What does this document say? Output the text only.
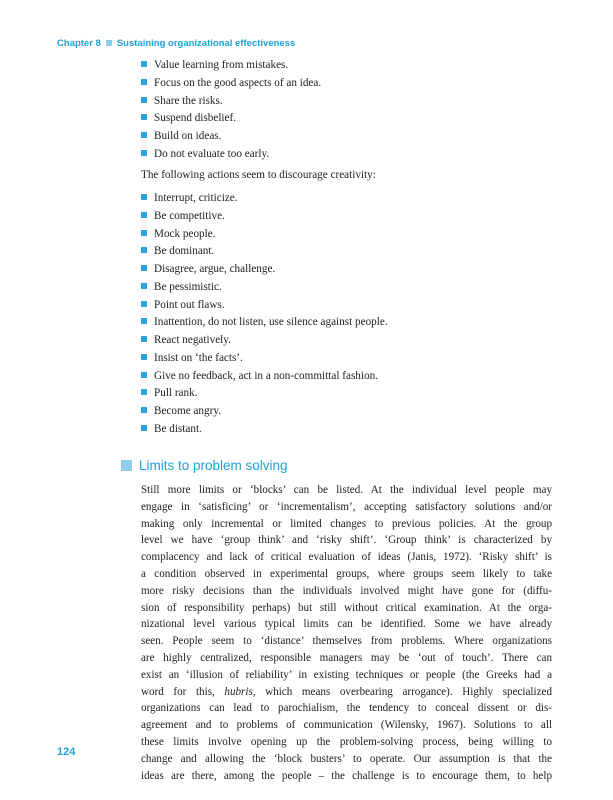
Chapter 8 Sustaining organizational effectiveness
Value learning from mistakes.
Focus on the good aspects of an idea.
Share the risks.
Suspend disbelief.
Build on ideas.
Do not evaluate too early.
The following actions seem to discourage creativity:
Interrupt, criticize.
Be competitive.
Mock people.
Be dominant.
Disagree, argue, challenge.
Be pessimistic.
Point out flaws.
Inattention, do not listen, use silence against people.
React negatively.
Insist on ‘the facts’.
Give no feedback, act in a non-committal fashion.
Pull rank.
Become angry.
Be distant.
Limits to problem solving
Still more limits or ‘blocks’ can be listed. At the individual level people may
engage in ‘satisficing’ or ‘incrementalism’, accepting satisfactory solutions and/or
making only incremental or limited changes to previous policies. At the group
level we have ‘group think’ and ‘risky shift’. ‘Group think’ is characterized by
complacency and lack of critical evaluation of ideas (Janis, 1972). ‘Risky shift’ is
a condition observed in experimental groups, where groups seem likely to take
more risky decisions than the individuals involved might have gone for (diffu-
sion of responsibility perhaps) but still without critical examination. At the orga-
nizational level various typical limits can be identified. Some we have already
seen. People seem to ‘distance’ themselves from problems. Where organizations
are highly centralized, responsible managers may be ‘out of touch’. There can
exist an ‘illusion of reliability’ in existing techniques or people (the Greeks had a
word for this, hubris, which means overbearing arrogance). Highly specialized
organizations can lead to parochialism, the tendency to conceal dissent or dis-
agreement and to problems of communication (Wilensky, 1967). Solutions to all
these limits involve opening up the problem-solving process, being willing to
change and allowing the ‘block busters’ to operate. Our assumption is that the
ideas are there, among the people – the challenge is to encourage them, to help
124
